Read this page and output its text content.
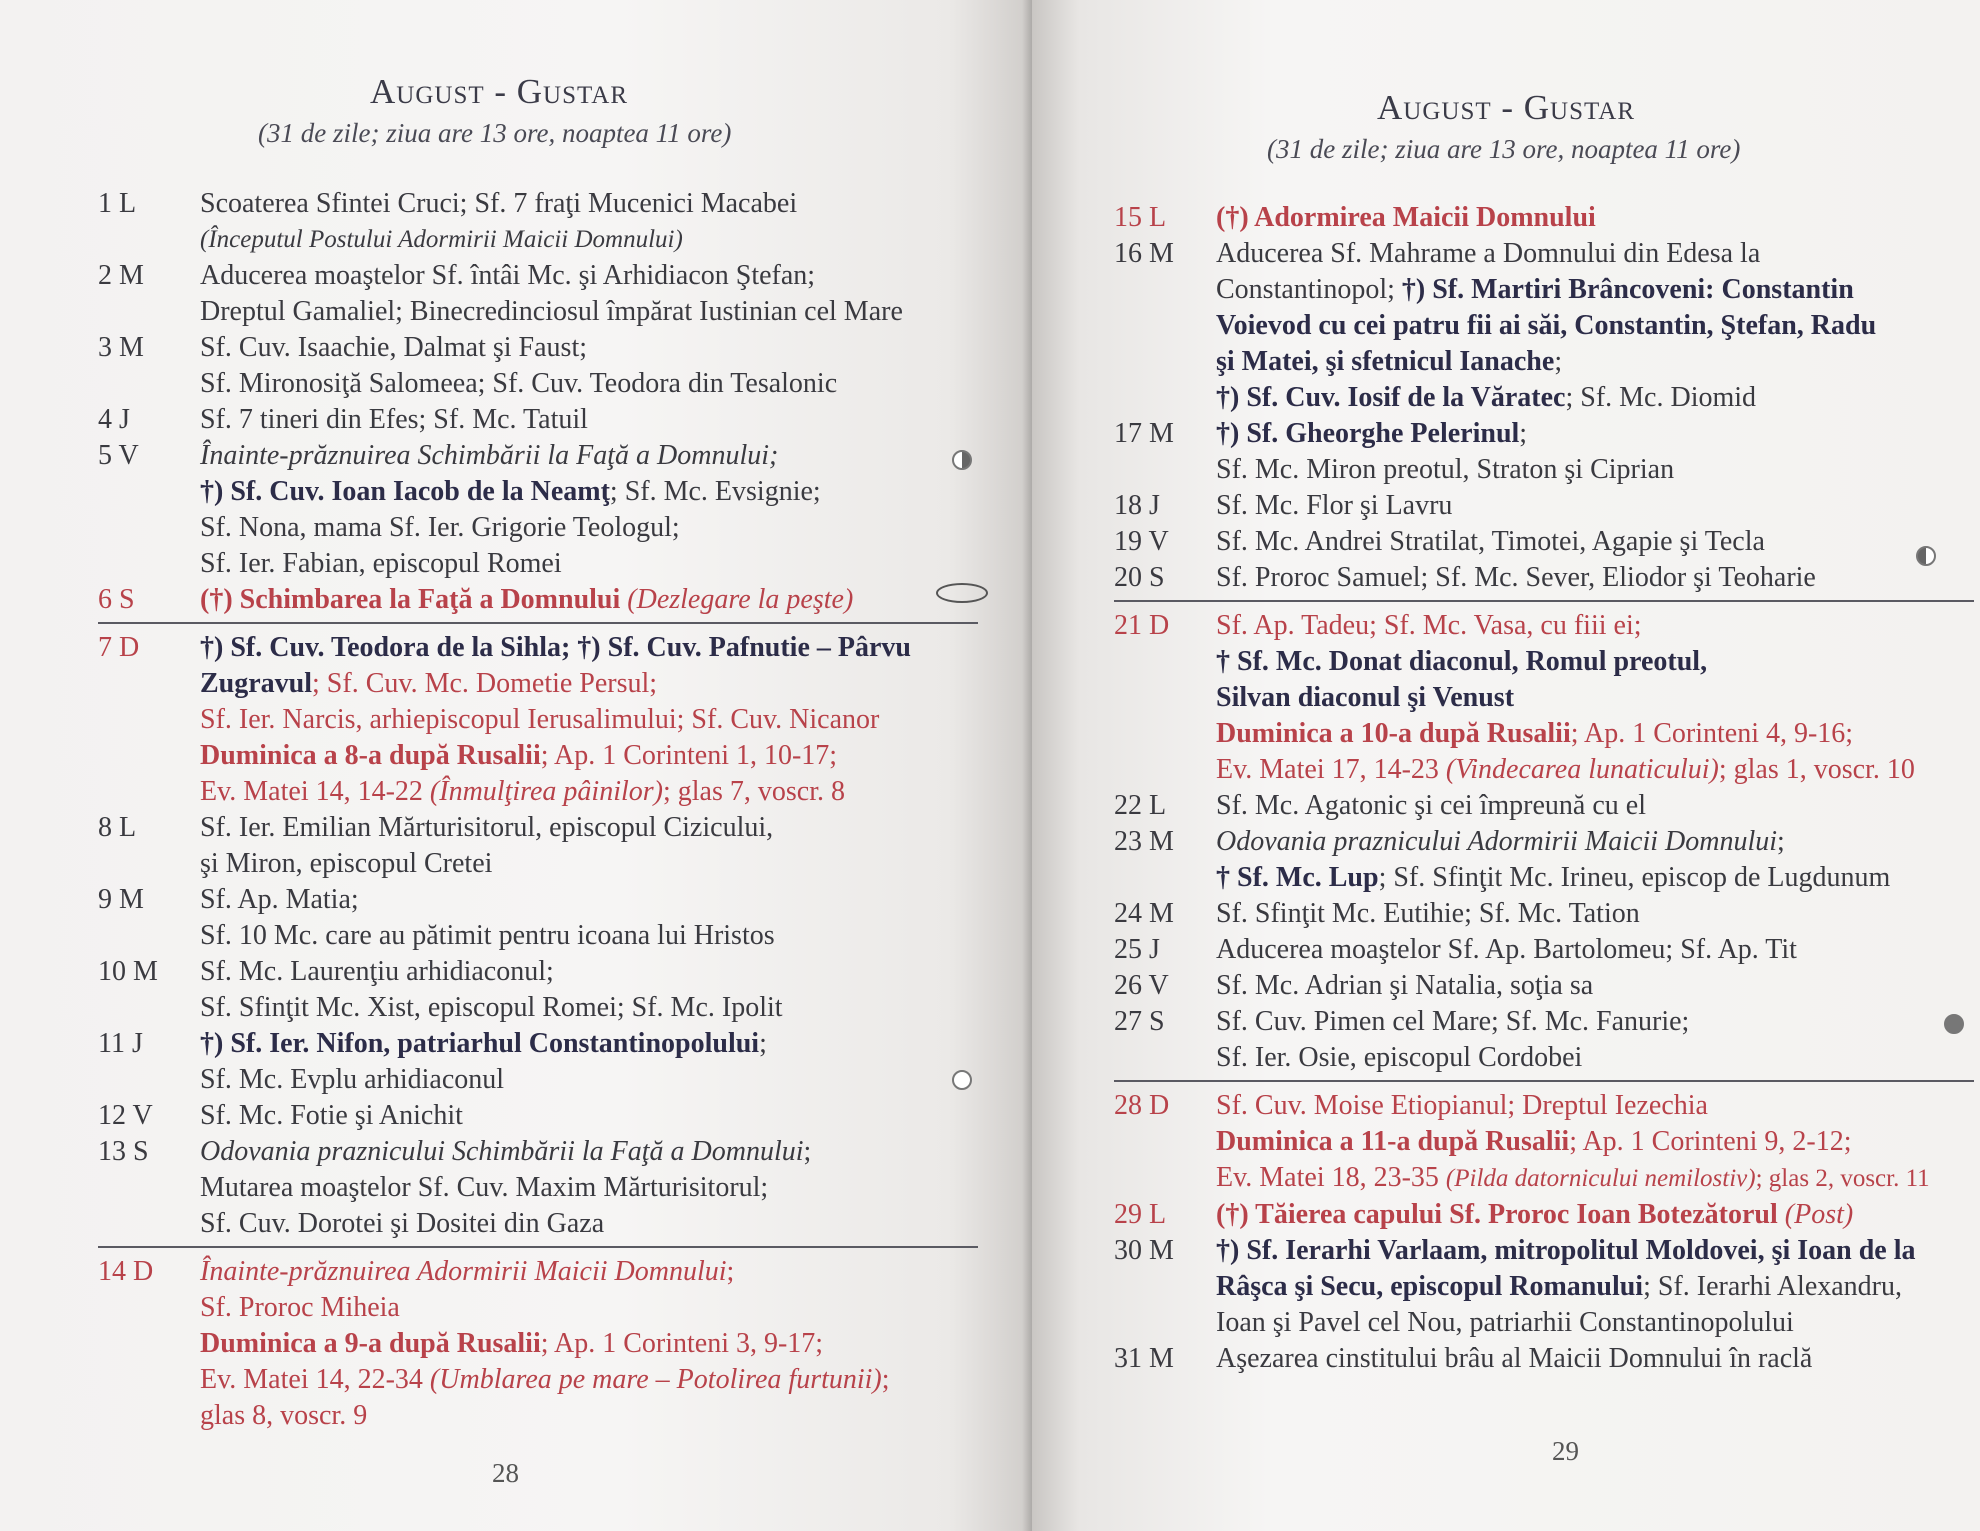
August - Gustar
(31 de zile; ziua are 13 ore, noaptea 11 ore)
1 L	Scoaterea Sfintei Cruci; Sf. 7 fraţi Mucenici Macabei
(Începutul Postului Adormirii Maicii Domnului)
2 M	Aducerea moaştelor Sf. întâi Mc. şi Arhidiacon Ştefan;
Dreptul Gamaliel; Binecredinciosul împărat Iustinian cel Mare
3 M	Sf. Cuv. Isaachie, Dalmat şi Faust;
Sf. Mironosiţă Salomeea; Sf. Cuv. Teodora din Tesalonic
4 J	Sf. 7 tineri din Efes; Sf. Mc. Tatuil
5 V	Înainte-prăznuirea Schimbării la Faţă a Domnului;
†) Sf. Cuv. Ioan Iacob de la Neamţ; Sf. Mc. Evsignie;
Sf. Nona, mama Sf. Ier. Grigorie Teologul;
Sf. Ier. Fabian, episcopul Romei
6 S	(†) Schimbarea la Faţă a Domnului (Dezlegare la peşte)
7 D	†) Sf. Cuv. Teodora de la Sihla; †) Sf. Cuv. Pafnutie – Pârvu
Zugravul; Sf. Cuv. Mc. Dometie Persul;
Sf. Ier. Narcis, arhiepiscopul Ierusalimului; Sf. Cuv. Nicanor
Duminica a 8-a după Rusalii; Ap. 1 Corinteni 1, 10-17;
Ev. Matei 14, 14-22 (Înmulţirea pâinilor); glas 7, voscr. 8
8 L	Sf. Ier. Emilian Mărturisitorul, episcopul Cizicului,
şi Miron, episcopul Cretei
9 M	Sf. Ap. Matia;
Sf. 10 Mc. care au pătimit pentru icoana lui Hristos
10 M	Sf. Mc. Laurenţiu arhidiaconul;
Sf. Sfinţit Mc. Xist, episcopul Romei; Sf. Mc. Ipolit
11 J	†) Sf. Ier. Nifon, patriarhul Constantinopolului;
Sf. Mc. Evplu arhidiaconul
12 V	Sf. Mc. Fotie şi Anichit
13 S	Odovania praznicului Schimbării la Faţă a Domnului;
Mutarea moaştelor Sf. Cuv. Maxim Mărturisitorul;
Sf. Cuv. Dorotei şi Dositei din Gaza
14 D	Înainte-prăznuirea Adormirii Maicii Domnului;
Sf. Proroc Miheia
Duminica a 9-a după Rusalii; Ap. 1 Corinteni 3, 9-17;
Ev. Matei 14, 22-34 (Umblarea pe mare – Potolirea furtunii);
glas 8, voscr. 9
28
August - Gustar
(31 de zile; ziua are 13 ore, noaptea 11 ore)
15 L	(†) Adormirea Maicii Domnului
16 M	Aducerea Sf. Mahrame a Domnului din Edesa la
Constantinopol; †) Sf. Martiri Brâncoveni: Constantin
Voievod cu cei patru fii ai săi, Constantin, Ştefan, Radu
şi Matei, şi sfetnicul Ianache;
†) Sf. Cuv. Iosif de la Văratec; Sf. Mc. Diomid
17 M	†) Sf. Gheorghe Pelerinul;
Sf. Mc. Miron preotul, Straton şi Ciprian
18 J	Sf. Mc. Flor şi Lavru
19 V	Sf. Mc. Andrei Stratilat, Timotei, Agapie şi Tecla
20 S	Sf. Proroc Samuel; Sf. Mc. Sever, Eliodor şi Teoharie
21 D	Sf. Ap. Tadeu; Sf. Mc. Vasa, cu fiii ei;
† Sf. Mc. Donat diaconul, Romul preotul,
Silvan diaconul şi Venust
Duminica a 10-a după Rusalii; Ap. 1 Corinteni 4, 9-16;
Ev. Matei 17, 14-23 (Vindecarea lunaticului); glas 1, voscr. 10
22 L	Sf. Mc. Agatonic şi cei împreună cu el
23 M	Odovania praznicului Adormirii Maicii Domnului;
† Sf. Mc. Lup; Sf. Sfinţit Mc. Irineu, episcop de Lugdunum
24 M	Sf. Sfinţit Mc. Eutihie; Sf. Mc. Tation
25 J	Aducerea moaştelor Sf. Ap. Bartolomeu; Sf. Ap. Tit
26 V	Sf. Mc. Adrian şi Natalia, soţia sa
27 S	Sf. Cuv. Pimen cel Mare; Sf. Mc. Fanurie;
Sf. Ier. Osie, episcopul Cordobei
28 D	Sf. Cuv. Moise Etiopianul; Dreptul Iezechia
Duminica a 11-a după Rusalii; Ap. 1 Corinteni 9, 2-12;
Ev. Matei 18, 23-35 (Pilda datornicului nemilostiv); glas 2, voscr. 11
29 L	(†) Tăierea capului Sf. Proroc Ioan Botezătorul (Post)
30 M	†) Sf. Ierarhi Varlaam, mitropolitul Moldovei, şi Ioan de la
Râşca şi Secu, episcopul Romanului; Sf. Ierarhi Alexandru,
Ioan şi Pavel cel Nou, patriarhii Constantinopolului
31 M	Aşezarea cinstitului brâu al Maicii Domnului în raclă
29
